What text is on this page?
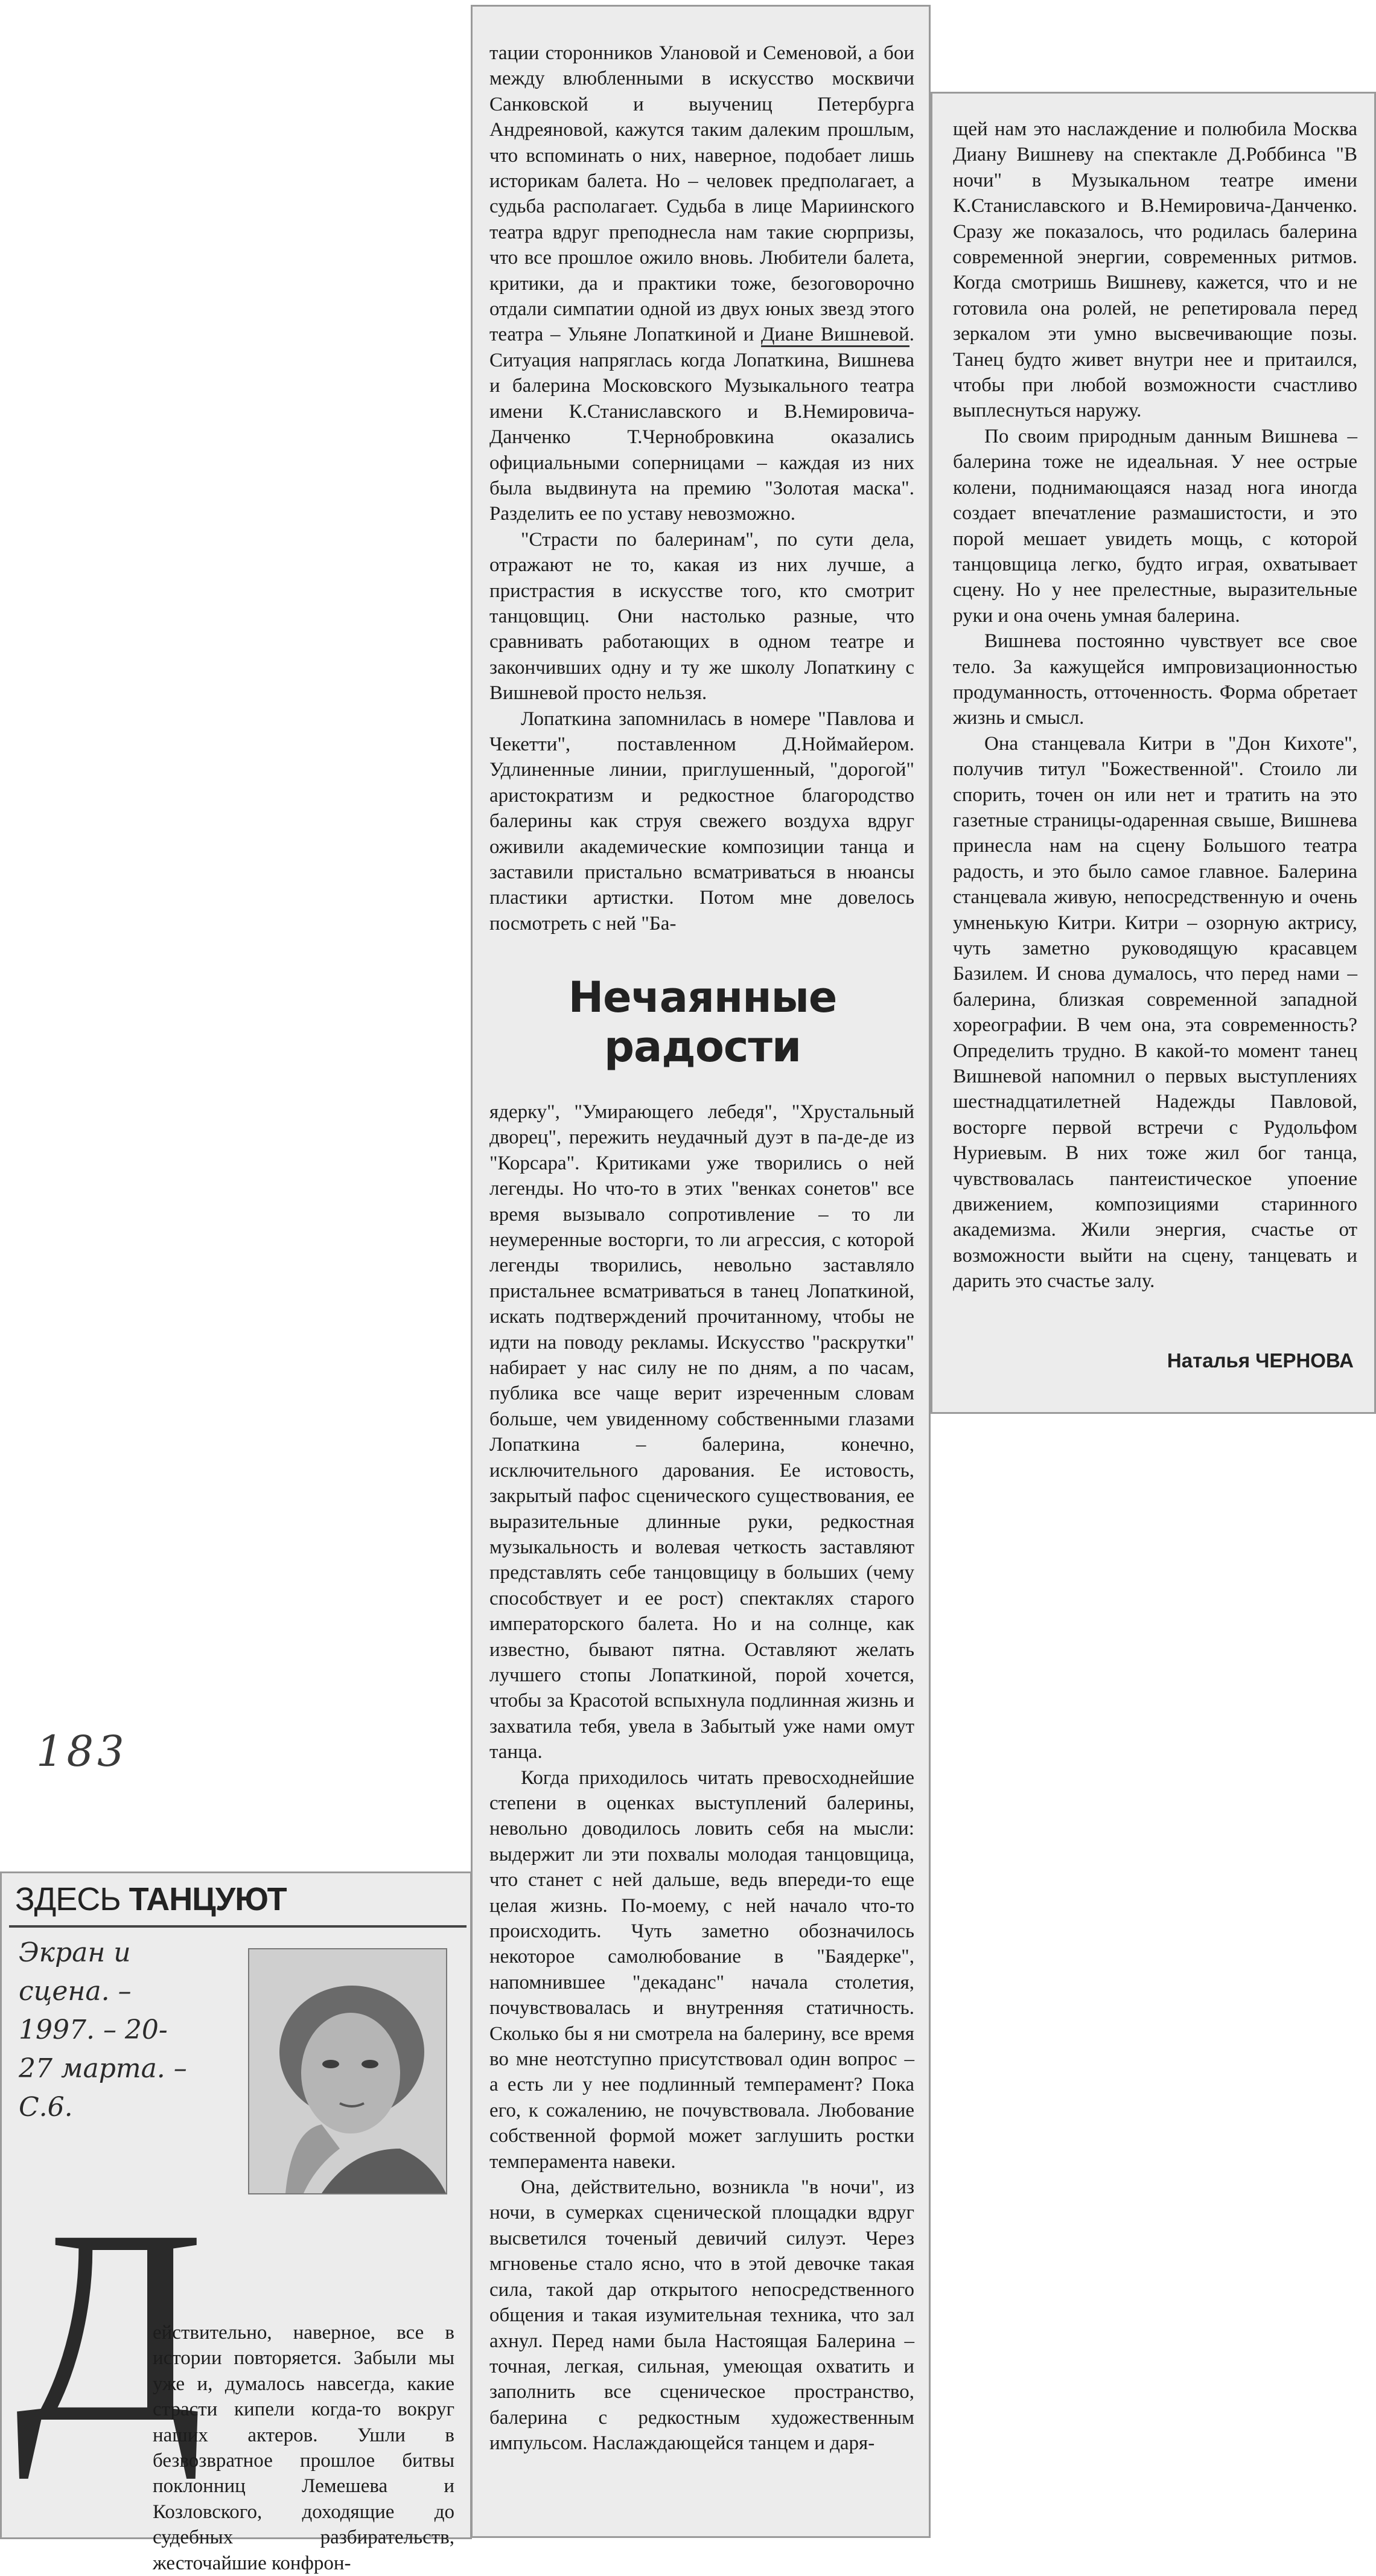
183

тации сторонников Улановой и Семеновой, а бои между влюбленными в искусство москвичи Санковской и выучениц Петербурга Андреяновой, кажутся таким далеким прошлым, что вспоминать о них, наверное, подобает лишь историкам балета. Но – человек предполагает, а судьба располагает. Судьба в лице Мариинского театра вдруг преподнесла нам такие сюрпризы, что все прошлое ожило вновь. Любители балета, критики, да и практики тоже, безоговорочно отдали симпатии одной из двух юных звезд этого театра – Ульяне Лопаткиной и Диане Вишневой. Ситуация напряглась когда Лопаткина, Вишнева и балерина Московского Музыкального театра имени К.Станиславского и В.Немировича-Данченко Т.Чернобровкина оказались официальными соперницами – каждая из них была выдвинута на премию "Золотая маска". Разделить ее по уставу невозможно.

"Страсти по балеринам", по сути дела, отражают не то, какая из них лучше, а пристрастия в искусстве того, кто смотрит танцовщиц. Они настолько разные, что сравнивать работающих в одном театре и закончивших одну и ту же школу Лопаткину с Вишневой просто нельзя.

Лопаткина запомнилась в номере "Павлова и Чекетти", поставленном Д.Ноймайером. Удлиненные линии, приглушенный, "дорогой" аристократизм и редкостное благородство балерины как струя свежего воздуха вдруг оживили академические композиции танца и заставили пристально всматриваться в нюансы пластики артистки. Потом мне довелось посмотреть с ней "Ба-

Нечаянные
радости

ядерку", "Умирающего лебедя", "Хрустальный дворец", пережить неудачный дуэт в па-де-де из "Корсара". Критиками уже творились о ней легенды. Но что-то в этих "венках сонетов" все время вызывало сопротивление – то ли неумеренные восторги, то ли агрессия, с которой легенды творились, невольно заставляло пристальнее всматриваться в танец Лопаткиной, искать подтверждений прочитанному, чтобы не идти на поводу рекламы. Искусство "раскрутки" набирает у нас силу не по дням, а по часам, публика все чаще верит изреченным словам больше, чем увиденному собственными глазами Лопаткина – балерина, конечно, исключительного дарования. Ее истовость, закрытый пафос сценического существования, ее выразительные длинные руки, редкостная музыкальность и волевая четкость заставляют представлять себе танцовщицу в больших (чему способствует и ее рост) спектаклях старого императорского балета. Но и на солнце, как известно, бывают пятна. Оставляют желать лучшего стопы Лопаткиной, порой хочется, чтобы за Красотой вспыхнула подлинная жизнь и захватила тебя, увела в Забытый уже нами омут танца.

Когда приходилось читать превосходнейшие степени в оценках выступлений балерины, невольно доводилось ловить себя на мысли: выдержит ли эти похвалы молодая танцовщица, что станет с ней дальше, ведь впереди-то еще целая жизнь. По-моему, с ней начало что-то происходить. Чуть заметно обозначилось некоторое самолюбование в "Баядерке", напомнившее "декаданс" начала столетия, почувствовалась и внутренняя статичность. Сколько бы я ни смотрела на балерину, все время во мне неотступно присутствовал один вопрос – а есть ли у нее подлинный темперамент? Пока его, к сожалению, не почувствовала. Любование собственной формой может заглушить ростки темперамента навеки.

Она, действительно, возникла "в ночи", из ночи, в сумерках сценической площадки вдруг высветился точеный девичий силуэт. Через мгновенье стало ясно, что в этой девочке такая сила, такой дар открытого непосредственного общения и такая изумительная техника, что зал ахнул. Перед нами была Настоящая Балерина – точная, легкая, сильная, умеющая охватить и заполнить все сценическое пространство, балерина с редкостным художественным импульсом. Наслаждающейся танцем и даря-

щей нам это наслаждение и полюбила Москва Диану Вишневу на спектакле Д.Роббинса "В ночи" в Музыкальном театре имени К.Станиславского и В.Немировича-Данченко. Сразу же показалось, что родилась балерина современной энергии, современных ритмов. Когда смотришь Вишневу, кажется, что и не готовила она ролей, не репетировала перед зеркалом эти умно высвечивающие позы. Танец будто живет внутри нее и притаился, чтобы при любой возможности счастливо выплеснуться наружу.

По своим природным данным Вишнева – балерина тоже не идеальная. У нее острые колени, поднимающаяся назад нога иногда создает впечатление размашистости, и это порой мешает увидеть мощь, с которой танцовщица легко, будто играя, охватывает сцену. Но у нее прелестные, выразительные руки и она очень умная балерина.

Вишнева постоянно чувствует все свое тело. За кажущейся импровизационностью продуманность, отточенность. Форма обретает жизнь и смысл.

Она станцевала Китри в "Дон Кихоте", получив титул "Божественной". Стоило ли спорить, точен он или нет и тратить на это газетные страницы-одаренная свыше, Вишнева принесла нам на сцену Большого театра радость, и это было самое главное. Балерина станцевала живую, непосредственную и очень умненькую Китри. Китри – озорную актрису, чуть заметно руководящую красавцем Базилем. И снова думалось, что перед нами – балерина, близкая современной западной хореографии. В чем она, эта современность? Определить трудно. В какой-то момент танец Вишневой напомнил о первых выступлениях шестнадцатилетней Надежды Павловой, восторге первой встречи с Рудольфом Нуриевым. В них тоже жил бог танца, чувствовалась пантеистическое упоение движением, композициями старинного академизма. Жили энергия, счастье от возможности выйти на сцену, танцевать и дарить это счастье залу.

Наталья ЧЕРНОВА
ЗДЕСЬ ТАНЦУЮТ
Экран и
сцена. –
1997. – 20-
27 марта. –
С.6.
Д

ействительно, наверное, все в истории повторяется. Забыли мы уже и, думалось навсегда, какие страсти кипели когда-то вокруг наших актеров. Ушли в безвозвратное прошлое битвы поклонниц Лемешева и Козловского, доходящие до судебных разбирательств, жесточайшие конфрон-
